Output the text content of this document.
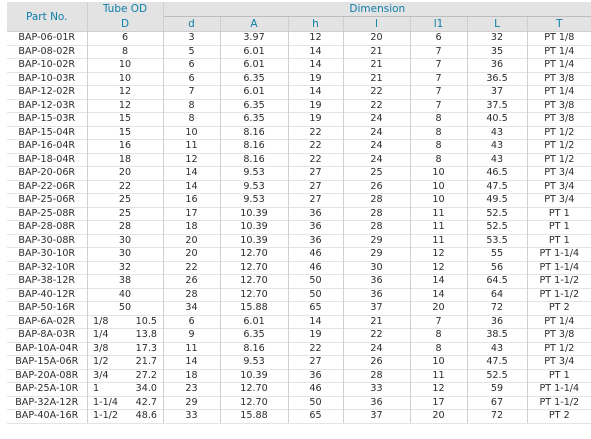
Part No.	Tube OD	Dimension						
	D	d	A	h	l	l1	L	T
BAP-06-01R	6	3	3.97	12	20	6	32	PT 1/8
BAP-08-02R	8	5	6.01	14	21	7	35	PT 1/4
BAP-10-02R	10	6	6.01	14	21	7	36	PT 1/4
BAP-10-03R	10	6	6.35	19	21	7	36.5	PT 3/8
BAP-12-02R	12	7	6.01	14	22	7	37	PT 1/4
BAP-12-03R	12	8	6.35	19	22	7	37.5	PT 3/8
BAP-15-03R	15	8	6.35	19	24	8	40.5	PT 3/8
BAP-15-04R	15	10	8.16	22	24	8	43	PT 1/2
BAP-16-04R	16	11	8.16	22	24	8	43	PT 1/2
BAP-18-04R	18	12	8.16	22	24	8	43	PT 1/2
BAP-20-06R	20	14	9.53	27	25	10	46.5	PT 3/4
BAP-22-06R	22	14	9.53	27	26	10	47.5	PT 3/4
BAP-25-06R	25	16	9.53	27	28	10	49.5	PT 3/4
BAP-25-08R	25	17	10.39	36	28	11	52.5	PT 1
BAP-28-08R	28	18	10.39	36	28	11	52.5	PT 1
BAP-30-08R	30	20	10.39	36	29	11	53.5	PT 1
BAP-30-10R	30	20	12.70	46	29	12	55	PT 1-1/4
BAP-32-10R	32	22	12.70	46	30	12	56	PT 1-1/4
BAP-38-12R	38	26	12.70	50	36	14	64.5	PT 1-1/2
BAP-40-12R	40	28	12.70	50	36	14	64	PT 1-1/2
BAP-50-16R	50	34	15.88	65	37	20	72	PT 2
BAP-6A-02R	1/8 10.5	6	6.01	14	21	7	36	PT 1/4
BAP-8A-03R	1/4 13.8	9	6.35	19	22	8	38.5	PT 3/8
BAP-10A-04R	3/8 17.3	11	8.16	22	24	8	43	PT 1/2
BAP-15A-06R	1/2 21.7	14	9.53	27	26	10	47.5	PT 3/4
BAP-20A-08R	3/4 27.2	18	10.39	36	28	11	52.5	PT 1
BAP-25A-10R	1 34.0	23	12.70	46	33	12	59	PT 1-1/4
BAP-32A-12R	1-1/4 42.7	29	12.70	50	36	17	67	PT 1-1/2
BAP-40A-16R	1-1/2 48.6	33	15.88	65	37	20	72	PT 2
